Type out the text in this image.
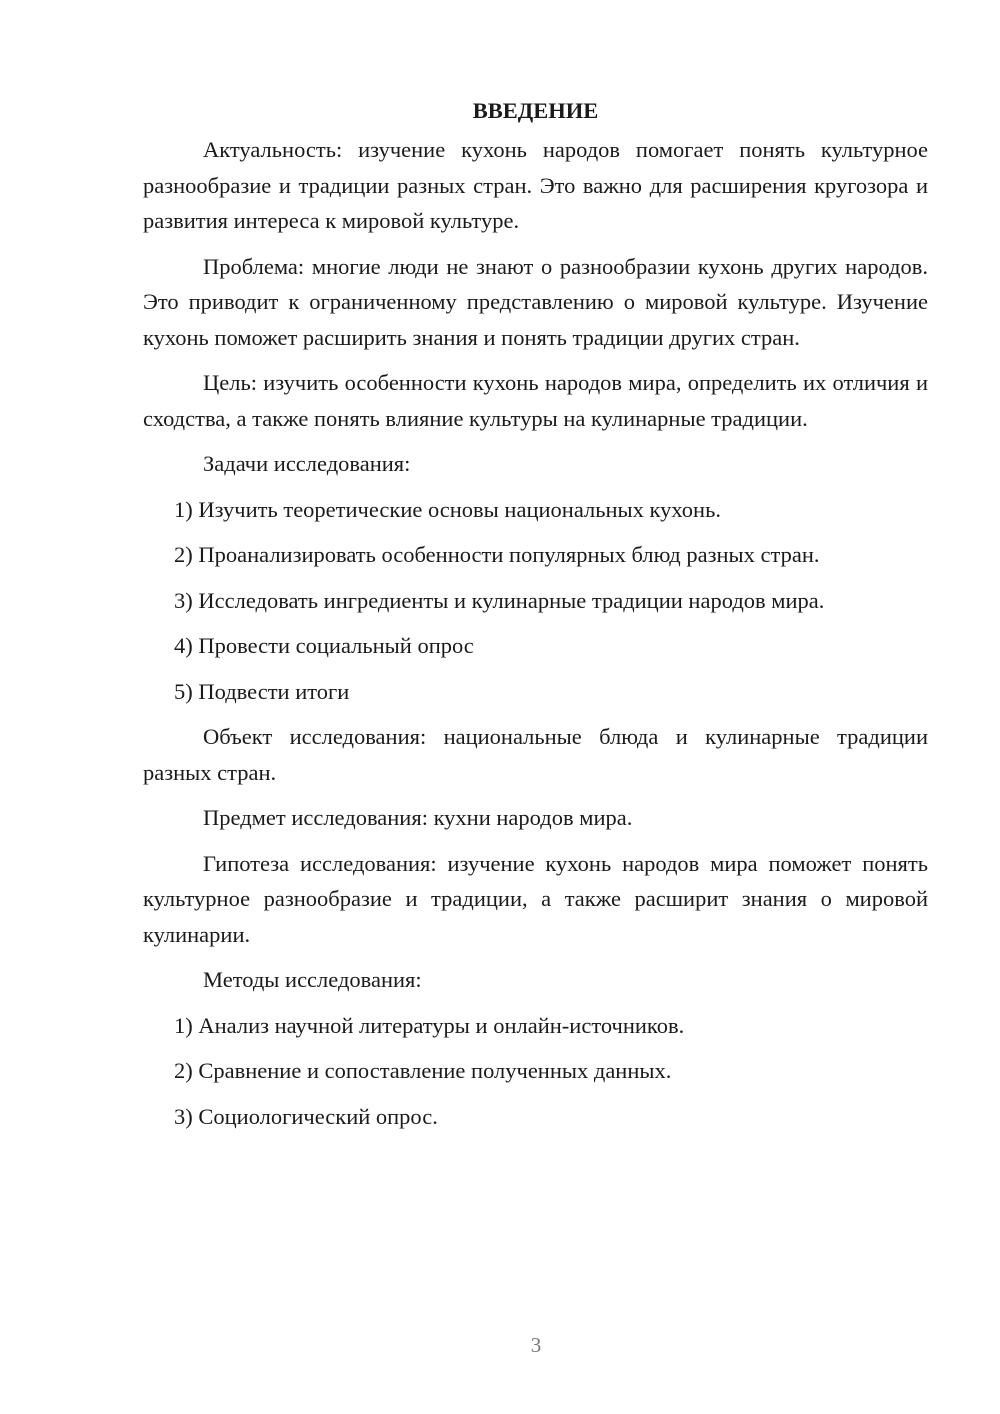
ВВЕДЕНИЕ
Актуальность: изучение кухонь народов помогает понять культурное разнообразие и традиции разных стран. Это важно для расширения кругозора и развития интереса к мировой культуре.
Проблема: многие люди не знают о разнообразии кухонь других народов. Это приводит к ограниченному представлению о мировой культуре. Изучение кухонь поможет расширить знания и понять традиции других стран.
Цель: изучить особенности кухонь народов мира, определить их отличия и сходства, а также понять влияние культуры на кулинарные традиции.
Задачи исследования:
1) Изучить теоретические основы национальных кухонь.
2) Проанализировать особенности популярных блюд разных стран.
3) Исследовать ингредиенты и кулинарные традиции народов мира.
4) Провести социальный опрос
5) Подвести итоги
Объект исследования: национальные блюда и кулинарные традиции разных стран.
Предмет исследования: кухни народов мира.
Гипотеза исследования: изучение кухонь народов мира поможет понять культурное разнообразие и традиции, а также расширит знания о мировой кулинарии.
Методы исследования:
1) Анализ научной литературы и онлайн-источников.
2) Сравнение и сопоставление полученных данных.
3) Социологический опрос.
3
